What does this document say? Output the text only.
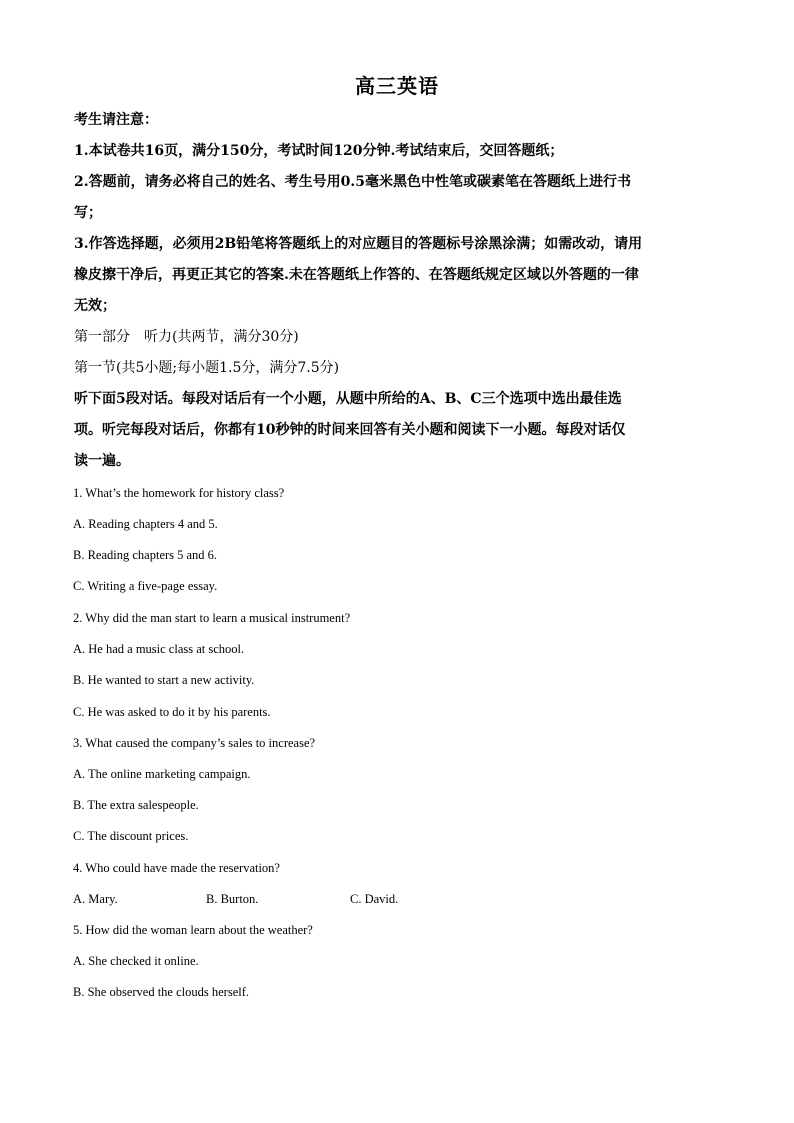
高三英语
考生请注意：
1.本试卷共16页，满分150分，考试时间120分钟.考试结束后，交回答题纸；
2.答题前，请务必将自己的姓名、考生号用0.5毫米黑色中性笔或碳素笔在答题纸上进行书
写；
3.作答选择题，必须用2B铅笔将答题纸上的对应题目的答题标号涂黑涂满；如需改动，请用
橡皮擦干净后，再更正其它的答案.未在答题纸上作答的、在答题纸规定区域以外答题的一律
无效；
第一部分　听力(共两节，满分30分)
第一节(共5小题;每小题1.5分，满分7.5分)
听下面5段对话。每段对话后有一个小题，从题中所给的A、B、C三个选项中选出最佳选
项。听完每段对话后，你都有10秒钟的时间来回答有关小题和阅读下一小题。每段对话仅
读一遍。
1. What’s the homework for history class?
A. Reading chapters 4 and 5.
B. Reading chapters 5 and 6.
C. Writing a five-page essay.
2. Why did the man start to learn a musical instrument?
A. He had a music class at school.
B. He wanted to start a new activity.
C. He was asked to do it by his parents.
3. What caused the company’s sales to increase?
A. The online marketing campaign.
B. The extra salespeople.
C. The discount prices.
4. Who could have made the reservation?
A. Mary.	B. Burton.	C. David.
5. How did the woman learn about the weather?
A. She checked it online.
B. She observed the clouds herself.
